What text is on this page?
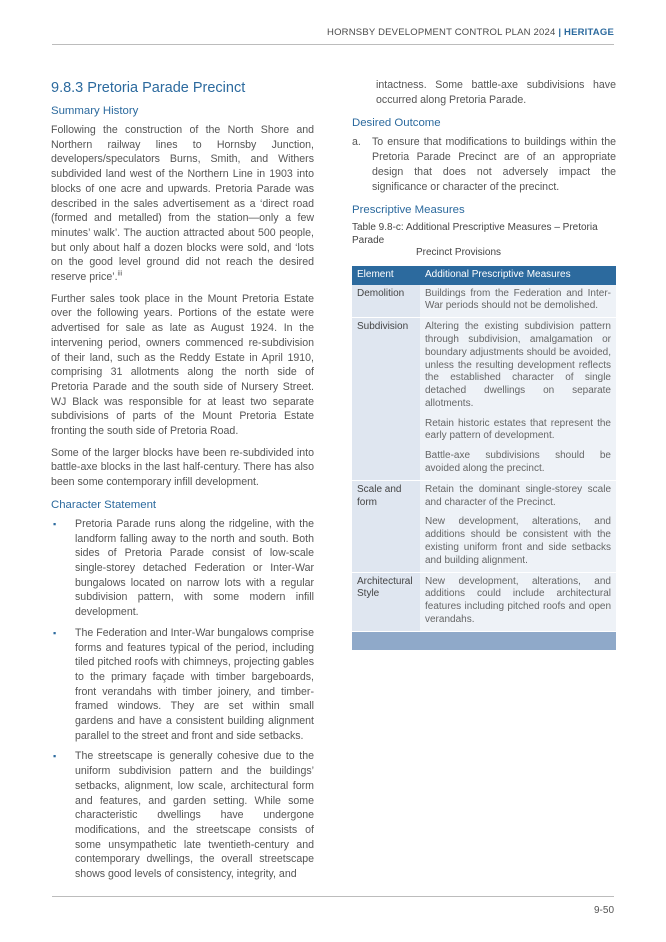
HORNSBY DEVELOPMENT CONTROL PLAN 2024 | HERITAGE
9.8.3 Pretoria Parade Precinct
Summary History

Following the construction of the North Shore and Northern railway lines to Hornsby Junction, developers/speculators Burns, Smith, and Withers subdivided land west of the Northern Line in 1903 into blocks of one acre and upwards. Pretoria Parade was described in the sales advertisement as a ‘direct road (formed and metalled) from the station—only a few minutes’ walk’. The auction attracted about 500 people, but only about half a dozen blocks were sold, and ‘lots on the good level ground did not reach the desired reserve price’.$^{iii}$

Further sales took place in the Mount Pretoria Estate over the following years. Portions of the estate were advertised for sale as late as August 1924. In the intervening period, owners commenced re-subdivision of their land, such as the Reddy Estate in April 1910, comprising 31 allotments along the north side of Pretoria Parade and the south side of Nursery Street. WJ Black was responsible for at least two separate subdivisions of parts of the Mount Pretoria Estate fronting the south side of Pretoria Road.

Some of the larger blocks have been re-subdivided into battle-axe blocks in the last half-century. There has also been some contemporary infill development.

Character Statement
▪ Pretoria Parade runs along the ridgeline, with the landform falling away to the north and south. Both sides of Pretoria Parade consist of low-scale single-storey detached Federation or Inter-War bungalows located on narrow lots with a regular subdivision pattern, with some modern infill development.
▪ The Federation and Inter-War bungalows comprise forms and features typical of the period, including tiled pitched roofs with chimneys, projecting gables to the primary façade with timber bargeboards, front verandahs with timber joinery, and timber-framed windows. They are set within small gardens and have a consistent building alignment parallel to the street and front and side setbacks.
▪ The streetscape is generally cohesive due to the uniform subdivision pattern and the buildings’ setbacks, alignment, low scale, architectural form and features, and garden setting. While some characteristic dwellings have undergone modifications, and the streetscape consists of some unsympathetic late twentieth-century and contemporary dwellings, the overall streetscape shows good levels of consistency, integrity, and
intactness. Some battle-axe subdivisions have occurred along Pretoria Parade.
Desired Outcome
a. To ensure that modifications to buildings within the Pretoria Parade Precinct are of an appropriate design that does not adversely impact the significance or character of the precinct.
Prescriptive Measures
Table 9.8-c: Additional Prescriptive Measures – Pretoria Parade
Precinct Provisions
Element	Additional Prescriptive Measures
Demolition	Buildings from the Federation and Inter-War periods should not be demolished.

Subdivision	Altering the existing subdivision pattern through subdivision, amalgamation or boundary adjustments should be avoided, unless the resulting development reflects the established character of single detached dwellings on separate allotments.
Retain historic estates that represent the early pattern of development.
Battle-axe subdivisions should be avoided along the precinct.

Scale and form	Retain the dominant single-storey scale and character of the Precinct.
New development, alterations, and additions should be consistent with the existing uniform front and side setbacks and building alignment.

Architectural Style	New development, alterations, and additions could include architectural features including pitched roofs and open verandahs.

9-50
